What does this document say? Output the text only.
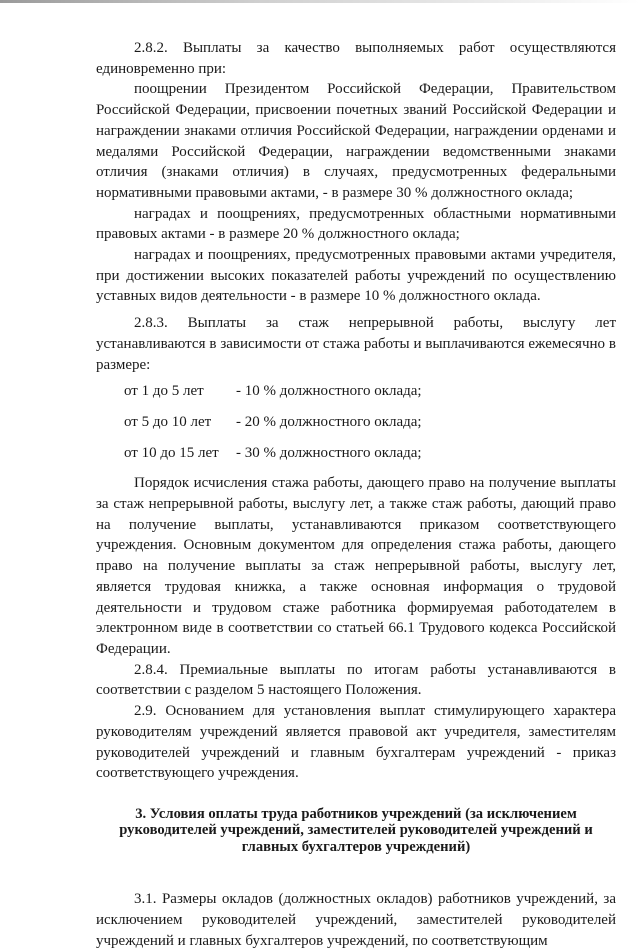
2.8.2. Выплаты за качество выполняемых работ осуществляются единовременно при:

поощрении Президентом Российской Федерации, Правительством Российской Федерации, присвоении почетных званий Российской Федерации и награждении знаками отличия Российской Федерации, награждении орденами и медалями Российской Федерации, награждении ведомственными знаками отличия (знаками отличия) в случаях, предусмотренных федеральными нормативными правовыми актами, - в размере 30 % должностного оклада;

наградах и поощрениях, предусмотренных областными нормативными правовых актами - в размере 20 % должностного оклада;

наградах и поощрениях, предусмотренных правовыми актами учредителя, при достижении высоких показателей работы учреждений по осуществлению уставных видов деятельности - в размере 10 % должностного оклада.

2.8.3. Выплаты за стаж непрерывной работы, выслугу лет устанавливаются в зависимости от стажа работы и выплачиваются ежемесячно в размере:

от 1 до 5 лет	- 10 % должностного оклада;
от 5 до 10 лет	- 20 % должностного оклада;
от 10 до 15 лет	- 30 % должностного оклада;

Порядок исчисления стажа работы, дающего право на получение выплаты за стаж непрерывной работы, выслугу лет, а также стаж работы, дающий право на получение выплаты, устанавливаются приказом соответствующего учреждения. Основным документом для определения стажа работы, дающего право на получение выплаты за стаж непрерывной работы, выслугу лет, является трудовая книжка, а также основная информация о трудовой деятельности и трудовом стаже работника формируемая работодателем в электронном виде в соответствии со статьей 66.1 Трудового кодекса Российской Федерации.

2.8.4. Премиальные выплаты по итогам работы устанавливаются в соответствии с разделом 5 настоящего Положения.

2.9. Основанием для установления выплат стимулирующего характера руководителям учреждений является правовой акт учредителя, заместителям руководителей учреждений и главным бухгалтерам учреждений - приказ соответствующего учреждения.

3. Условия оплаты труда работников учреждений (за исключением
руководителей учреждений, заместителей руководителей учреждений и
главных бухгалтеров учреждений)

3.1. Размеры окладов (должностных окладов) работников учреждений, за исключением руководителей учреждений, заместителей руководителей учреждений и главных бухгалтеров учреждений, по соответствующим
